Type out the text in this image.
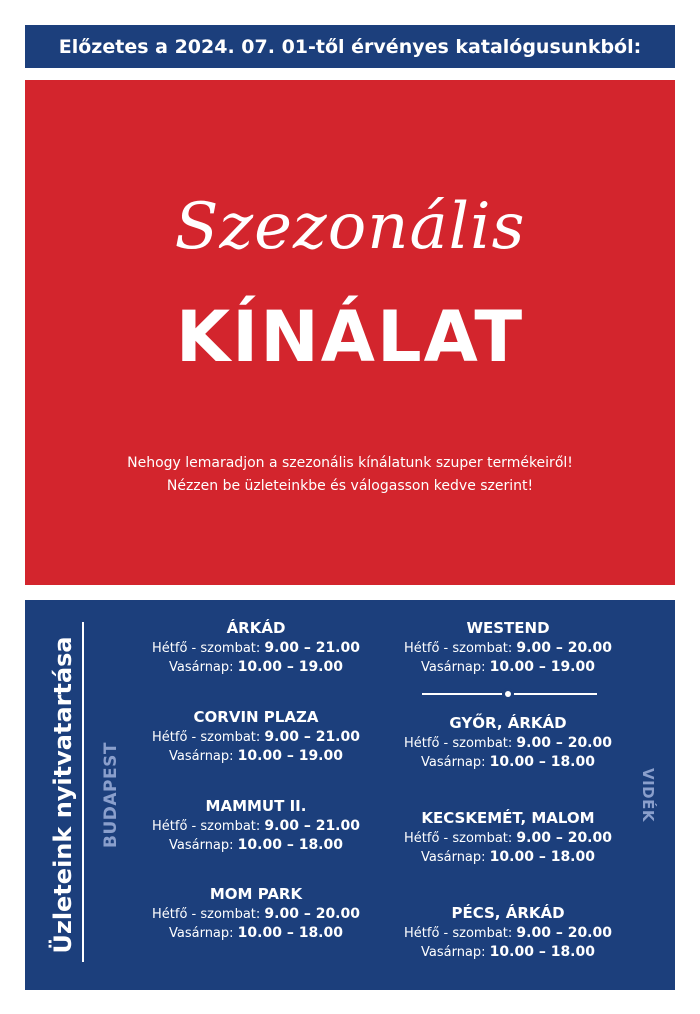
Előzetes a 2024. 07. 01-től érvényes katalógusunkból:
Szezonális
KÍNÁLAT
Nehogy lemaradjon a szezonális kínálatunk szuper termékeiről!
Nézzen be üzleteinkbe és válogasson kedve szerint!
Üzleteink nyitvatartása BUDAPEST	VIDÉK
ÁRKÁD
Hétfő - szombat: 9.00 – 21.00
Vasárnap: 10.00 – 19.00
CORVIN PLAZA
Hétfő - szombat: 9.00 – 21.00
Vasárnap: 10.00 – 19.00
MAMMUT II.
Hétfő - szombat: 9.00 – 21.00
Vasárnap: 10.00 – 18.00
MOM PARK
Hétfő - szombat: 9.00 – 20.00
Vasárnap: 10.00 – 18.00
WESTEND
Hétfő - szombat: 9.00 – 20.00
Vasárnap: 10.00 – 19.00
GYŐR, ÁRKÁD
Hétfő - szombat: 9.00 – 20.00
Vasárnap: 10.00 – 18.00
KECSKEMÉT, MALOM
Hétfő - szombat: 9.00 – 20.00
Vasárnap: 10.00 – 18.00
PÉCS, ÁRKÁD
Hétfő - szombat: 9.00 – 20.00
Vasárnap: 10.00 – 18.00
